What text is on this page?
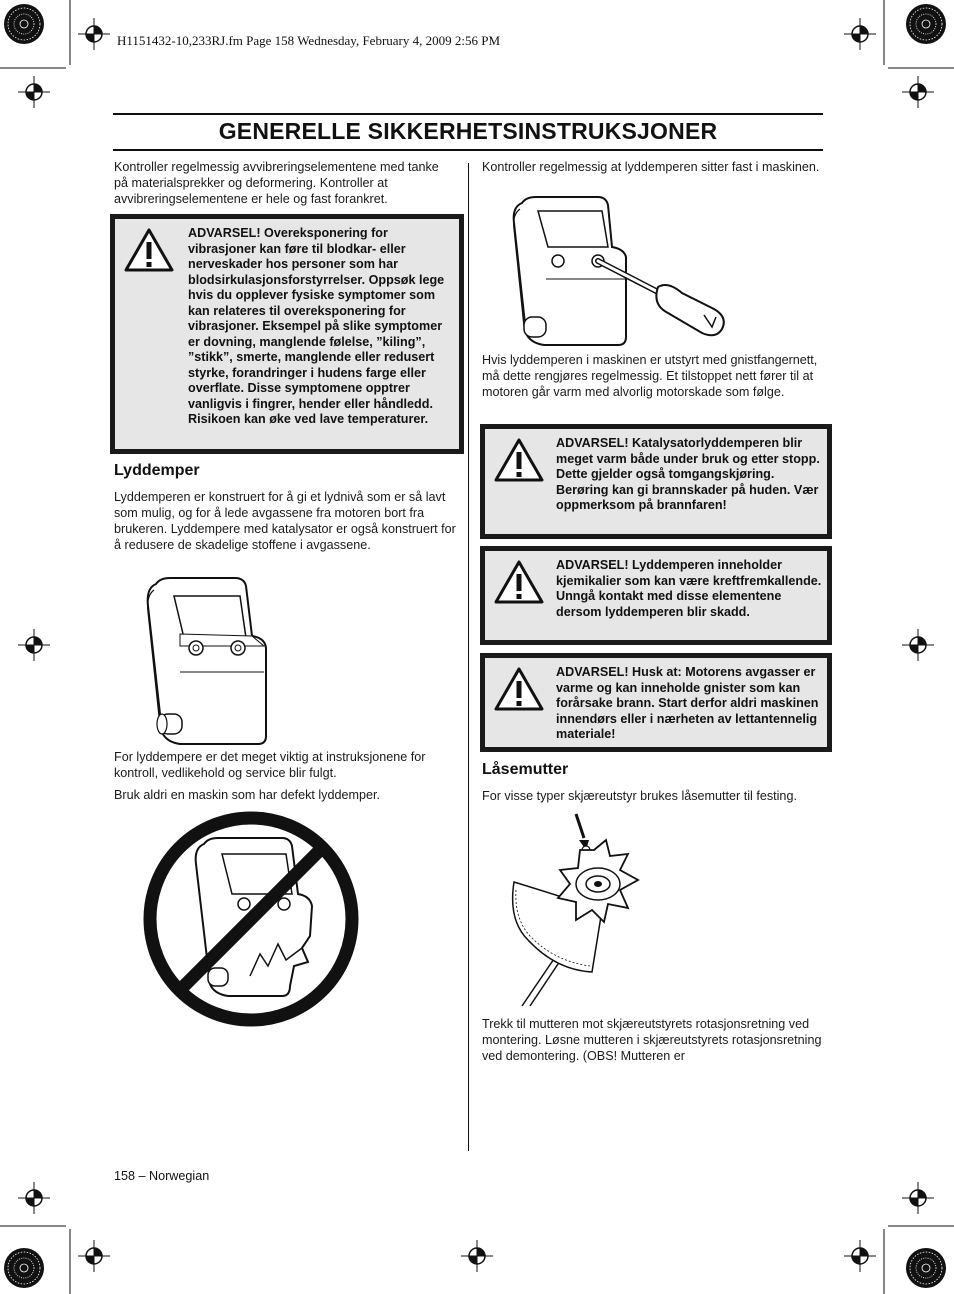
H1151432-10,233RJ.fm Page 158 Wednesday, February 4, 2009 2:56 PM
GENERELLE SIKKERHETSINSTRUKSJONER

Kontroller regelmessig avvibreringselementene med tanke på materialsprekker og deformering. Kontroller at avvibreringselementene er hele og fast forankret.

ADVARSEL! Overeksponering for vibrasjoner kan føre til blodkar- eller nerveskader hos personer som har blodsirkulasjonsforstyrrelser. Oppsøk lege hvis du opplever fysiske symptomer som kan relateres til overeksponering for vibrasjoner. Eksempel på slike symptomer er dovning, manglende følelse, ”kiling”, ”stikk”, smerte, manglende eller redusert styrke, forandringer i hudens farge eller overflate. Disse symptomene opptrer vanligvis i fingrer, hender eller håndledd. Risikoen kan øke ved lave temperaturer.

Lyddemper

Lyddemperen er konstruert for å gi et lydnivå som er så lavt som mulig, og for å lede avgassene fra motoren bort fra brukeren. Lyddempere med katalysator er også konstruert for å redusere de skadelige stoffene i avgassene.

For lyddempere er det meget viktig at instruksjonene for kontroll, vedlikehold og service blir fulgt.

Bruk aldri en maskin som har defekt lyddemper.

Kontroller regelmessig at lyddemperen sitter fast i maskinen.

Hvis lyddemperen i maskinen er utstyrt med gnistfangernett, må dette rengjøres regelmessig. Et tilstoppet nett fører til at motoren går varm med alvorlig motorskade som følge.

ADVARSEL! Katalysatorlyddemperen blir meget varm både under bruk og etter stopp. Dette gjelder også tomgangskjøring. Berøring kan gi brannskader på huden. Vær oppmerksom på brannfaren!

ADVARSEL! Lyddemperen inneholder kjemikalier som kan være kreftfremkallende. Unngå kontakt med disse elementene dersom lyddemperen blir skadd.

ADVARSEL! Husk at: Motorens avgasser er varme og kan inneholde gnister som kan forårsake brann. Start derfor aldri maskinen innendørs eller i nærheten av lettantennelig materiale!

Låsemutter

For visse typer skjæreutstyr brukes låsemutter til festing.

Trekk til mutteren mot skjæreutstyrets rotasjonsretning ved montering. Løsne mutteren i skjæreutstyrets rotasjonsretning ved demontering. (OBS! Mutteren er

158 – Norwegian
